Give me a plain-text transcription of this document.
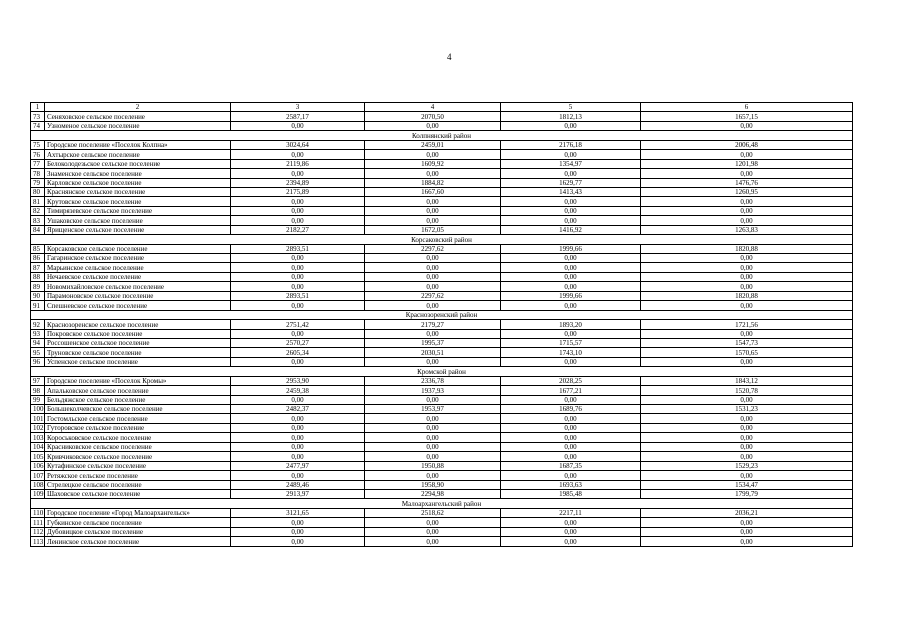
4
1	2	3	4	5	6
73	Сеняховское сельское поселение	2587,17	2070,50	1812,13	1657,15
74	Узноменое сельское поселение	0,00	0,00	0,00	0,00
Колпнянский район					
75	Городское поселение «Поселок Колпна»	3024,64	2459,01	2176,18	2006,48
76	Ахтырское сельское поселение	0,00	0,00	0,00	0,00
77	Белоколодезьское сельское поселение	2119,86	1609,92	1354,97	1201,98
78	Знаменское сельское поселение	0,00	0,00	0,00	0,00
79	Карловское сельское поселение	2394,89	1884,82	1629,77	1476,76
80	Краснянское сельское поселение	2175,89	1667,60	1413,43	1260,95
81	Крутовское сельское поселение	0,00	0,00	0,00	0,00
82	Тимирязевское сельское поселение	0,00	0,00	0,00	0,00
83	Ушаковское сельское поселение	0,00	0,00	0,00	0,00
84	Ярищенское сельское поселение	2182,27	1672,05	1416,92	1263,83
Корсаковский район					
85	Корсаковское сельское поселение	2893,51	2297,62	1999,66	1820,88
86	Гагаринское сельское поселение	0,00	0,00	0,00	0,00
87	Марьинское сельское поселение	0,00	0,00	0,00	0,00
88	Нечаевское сельское поселение	0,00	0,00	0,00	0,00
89	Новомихайловское сельское поселение	0,00	0,00	0,00	0,00
90	Парамоновское сельское поселение	2893,51	2297,62	1999,66	1820,88
91	Спешневское сельское поселение	0,00	0,00	0,00	0,00
Краснозоренский район					
92	Краснозоренское сельское поселение	2751,42	2179,27	1893,20	1721,56
93	Покровское сельское поселение	0,00	0,00	0,00	0,00
94	Россошенское сельское поселение	2570,27	1995,37	1715,57	1547,73
95	Труновское сельское поселение	2605,34	2030,51	1743,10	1570,65
96	Успенское сельское поселение	0,00	0,00	0,00	0,00
Кромской район					
97	Городское поселение «Поселок Кромы»	2953,90	2336,78	2028,25	1843,12
98	Апальковское сельское поселение	2459,38	1937,93	1677,21	1520,78
99	Бельдяжское сельское поселение	0,00	0,00	0,00	0,00
100	Большеколчевское сельское поселение	2482,37	1953,97	1689,76	1531,23
101	Гостомльское сельское поселение	0,00	0,00	0,00	0,00
102	Гуторовское сельское поселение	0,00	0,00	0,00	0,00
103	Короськовское сельское поселение	0,00	0,00	0,00	0,00
104	Красниковское сельское поселение	0,00	0,00	0,00	0,00
105	Кривчиковское сельское поселение	0,00	0,00	0,00	0,00
106	Кутафинское сельское поселение	2477,97	1950,88	1687,35	1529,23
107	Ретяжское сельское поселение	0,00	0,00	0,00	0,00
108	Стрелецкое сельское поселение	2489,46	1958,90	1693,63	1534,47
109	Шаховское сельское поселение	2913,97	2294,98	1985,48	1799,79
Малоархангельский район					
110	Городское поселение «Город Малоархангельск»	3121,65	2518,62	2217,11	2036,21
111	Губкинское сельское поселение	0,00	0,00	0,00	0,00
112	Дубовицкое сельское поселение	0,00	0,00	0,00	0,00
113	Ленинское сельское поселение	0,00	0,00	0,00	0,00
